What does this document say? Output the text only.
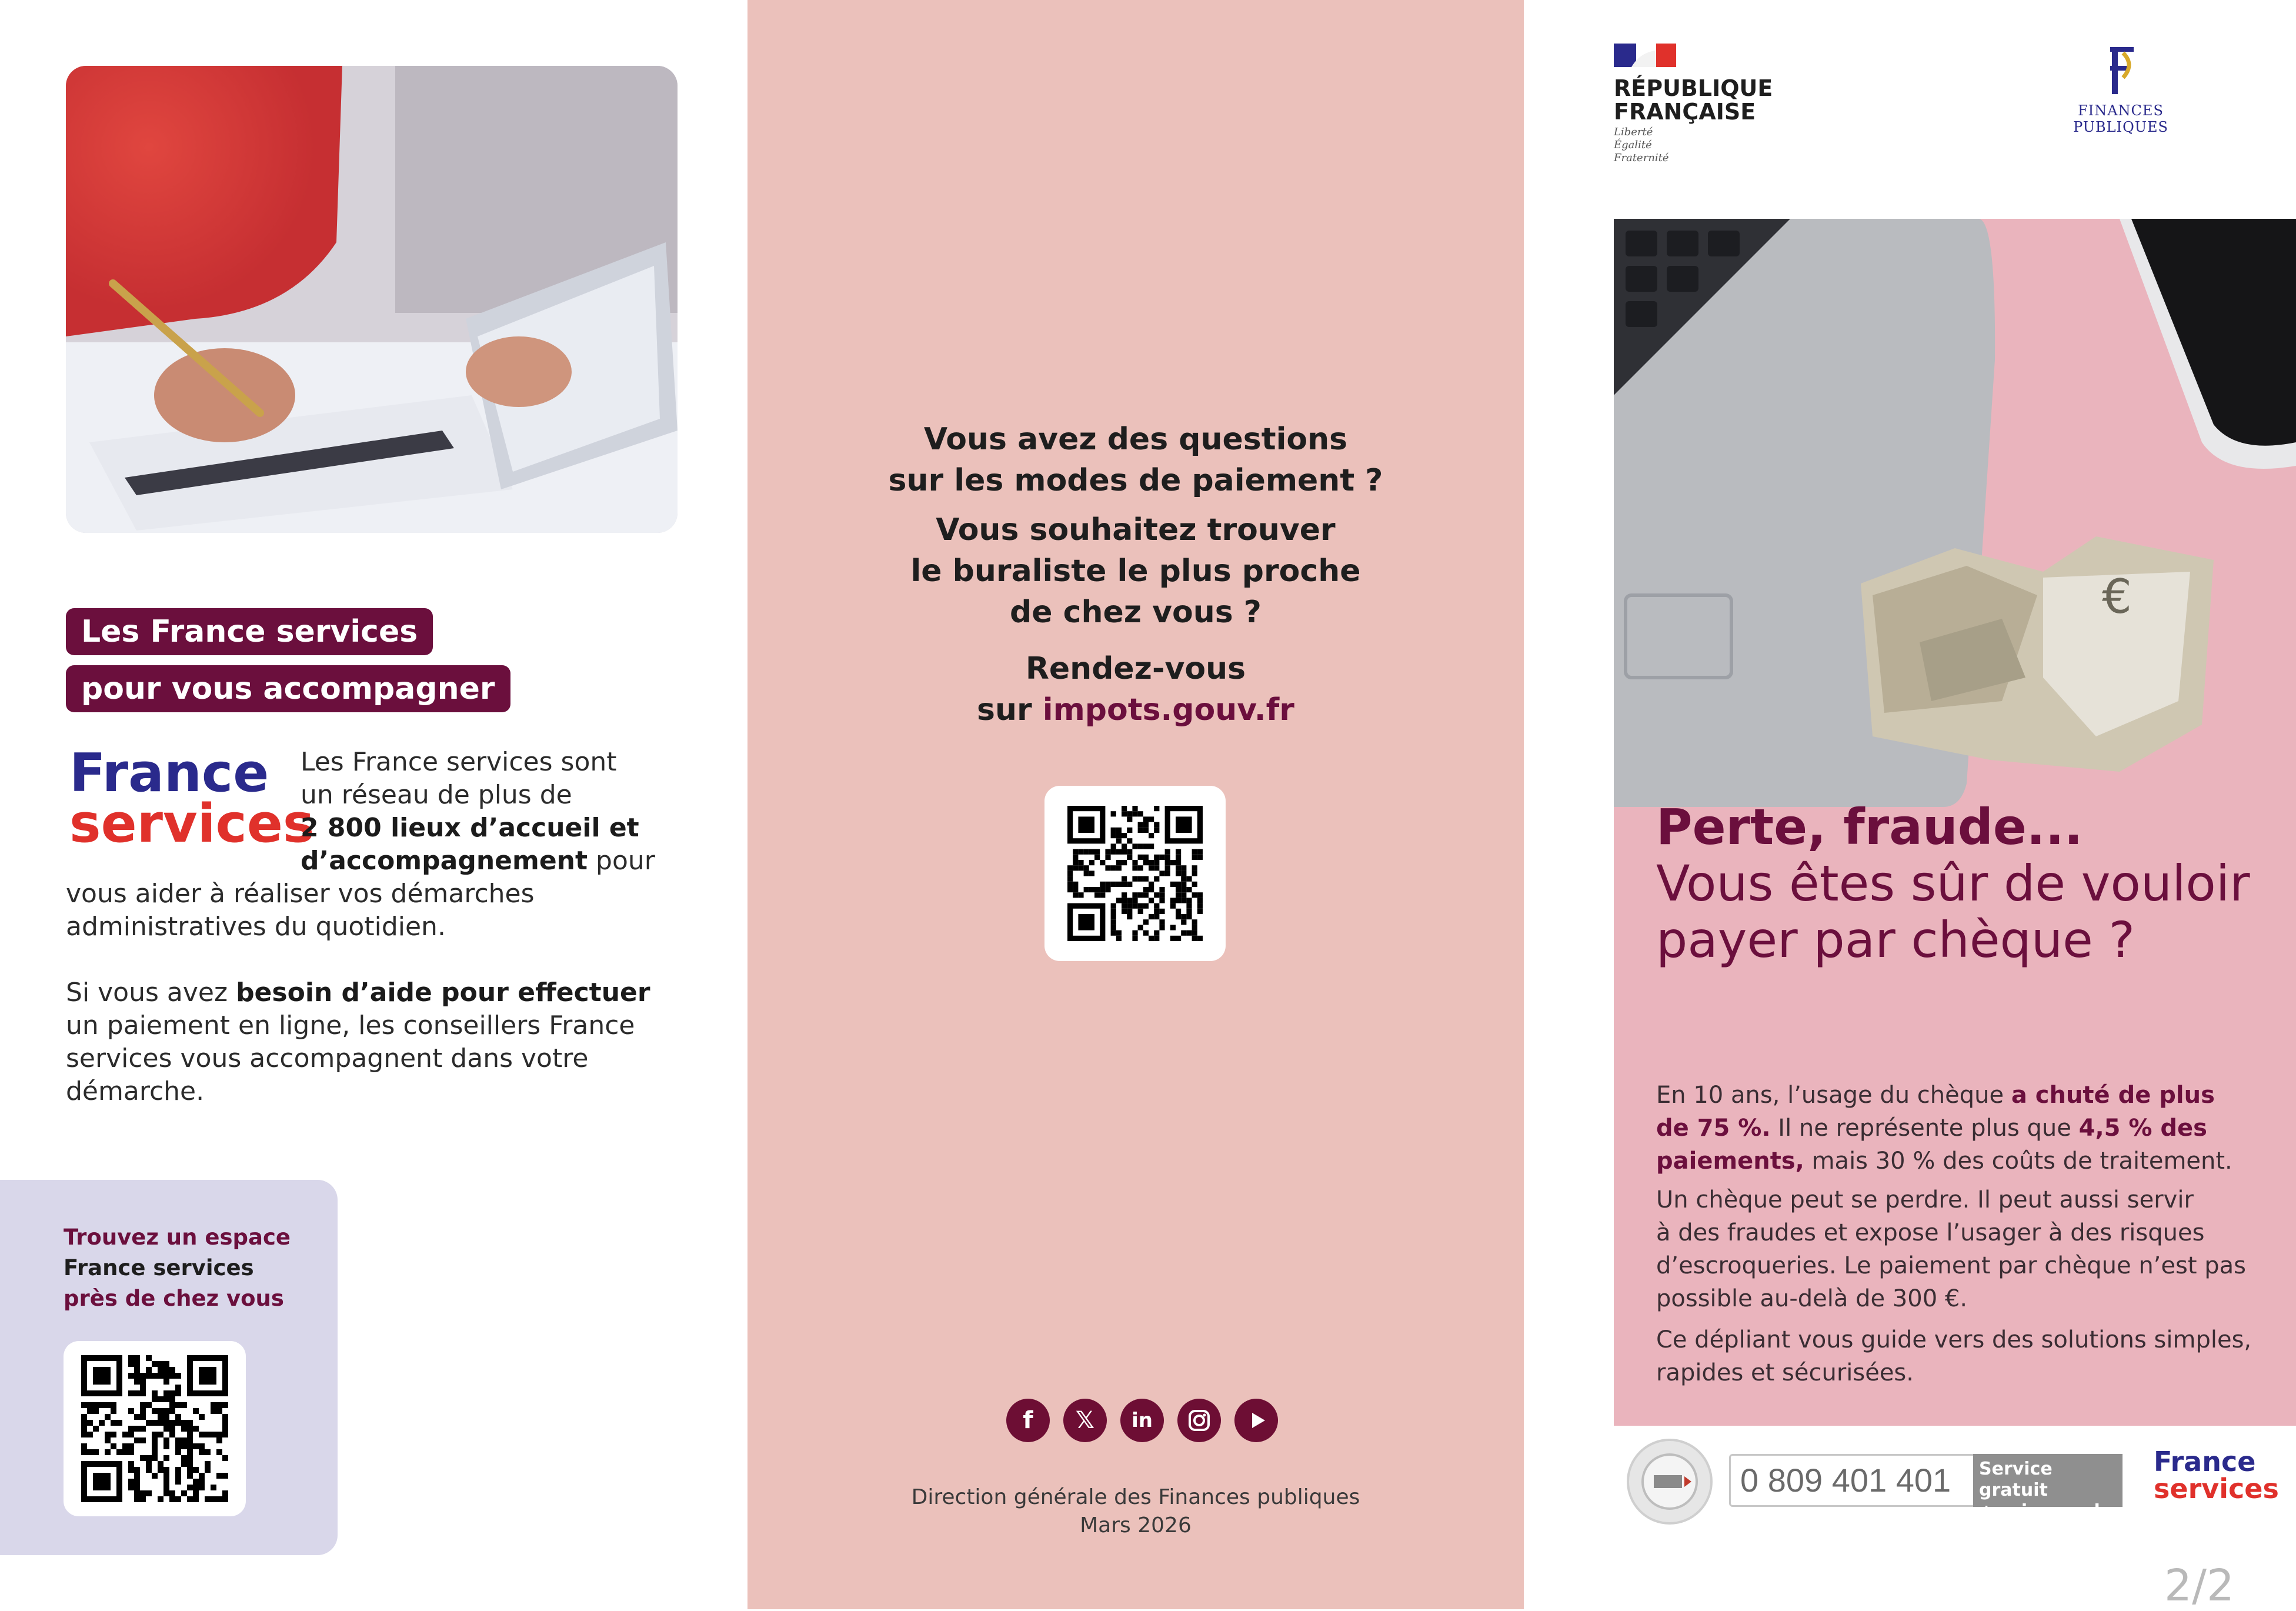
Les France services
pour vous accompagner
France
services
Les France services sont
un réseau de plus de
2 800 lieux d’accueil et
d’accompagnement pour
vous aider à réaliser vos démarches
administratives du quotidien.
Si vous avez besoin d’aide pour effectuer
un paiement en ligne, les conseillers France
services vous accompagnent dans votre
démarche.
Trouvez un espace
France services
près de chez vous
Vous avez des questions
sur les modes de paiement ?
Vous souhaitez trouver
le buraliste le plus proche
de chez vous ?
Rendez-vous
sur impots.gouv.fr
f	𝕏	in
Direction générale des Finances publiques
Mars 2026
RÉPUBLIQUE
FRANÇAISE
Liberté
Égalité
Fraternité
FINANCES PUBLIQUES
€
Perte, fraude...
Vous êtes sûr de vouloir
payer par chèque ?
En 10 ans, l’usage du chèque a chuté de plus
de 75 %. Il ne représente plus que 4,5 % des
paiements, mais 30 % des coûts de traitement.
Un chèque peut se perdre. Il peut aussi servir
à des fraudes et expose l’usager à des risques
d’escroqueries. Le paiement par chèque n’est pas
possible au-delà de 300 €.
Ce dépliant vous guide vers des solutions simples,
rapides et sécurisées.
0 809 401 401 Service gratuit
+ prix appel
France
services
2/2
